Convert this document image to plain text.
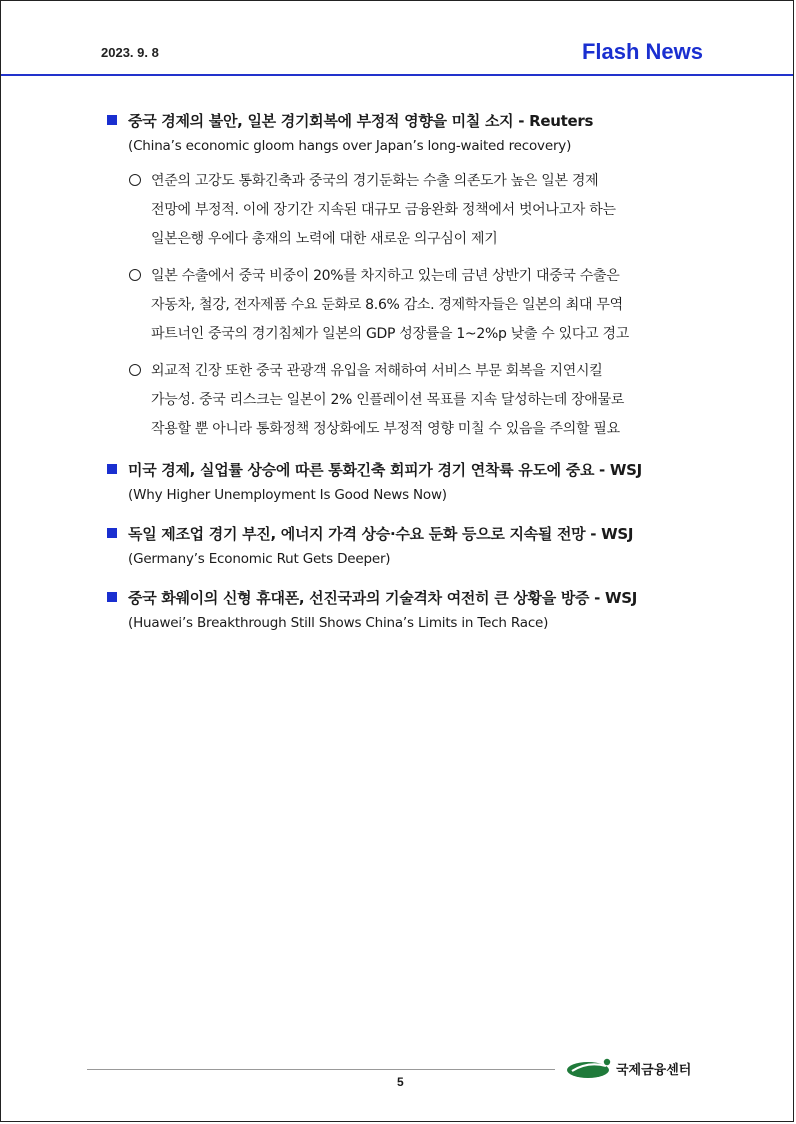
2023. 9. 8	Flash News
중국 경제의 불안, 일본 경기회복에 부정적 영향을 미칠 소지 - Reuters
(China’s economic gloom hangs over Japan’s long-waited recovery)
연준의 고강도 통화긴축과 중국의 경기둔화는 수출 의존도가 높은 일본 경제
전망에 부정적. 이에 장기간 지속된 대규모 금융완화 정책에서 벗어나고자 하는
일본은행 우에다 총재의 노력에 대한 새로운 의구심이 제기
일본 수출에서 중국 비중이 20%를 차지하고 있는데 금년 상반기 대중국 수출은
자동차, 철강, 전자제품 수요 둔화로 8.6% 감소. 경제학자들은 일본의 최대 무역
파트너인 중국의 경기침체가 일본의 GDP 성장률을 1~2%p 낮출 수 있다고 경고
외교적 긴장 또한 중국 관광객 유입을 저해하여 서비스 부문 회복을 지연시킬
가능성. 중국 리스크는 일본이 2% 인플레이션 목표를 지속 달성하는데 장애물로
작용할 뿐 아니라 통화정책 정상화에도 부정적 영향 미칠 수 있음을 주의할 필요
미국 경제, 실업률 상승에 따른 통화긴축 회피가 경기 연착륙 유도에 중요 - WSJ
(Why Higher Unemployment Is Good News Now)
독일 제조업 경기 부진, 에너지 가격 상승·수요 둔화 등으로 지속될 전망 - WSJ
(Germany’s Economic Rut Gets Deeper)
중국 화웨이의 신형 휴대폰, 선진국과의 기술격차 여전히 큰 상황을 방증 - WSJ
(Huawei’s Breakthrough Still Shows China’s Limits in Tech Race)
5
국제금융센터
